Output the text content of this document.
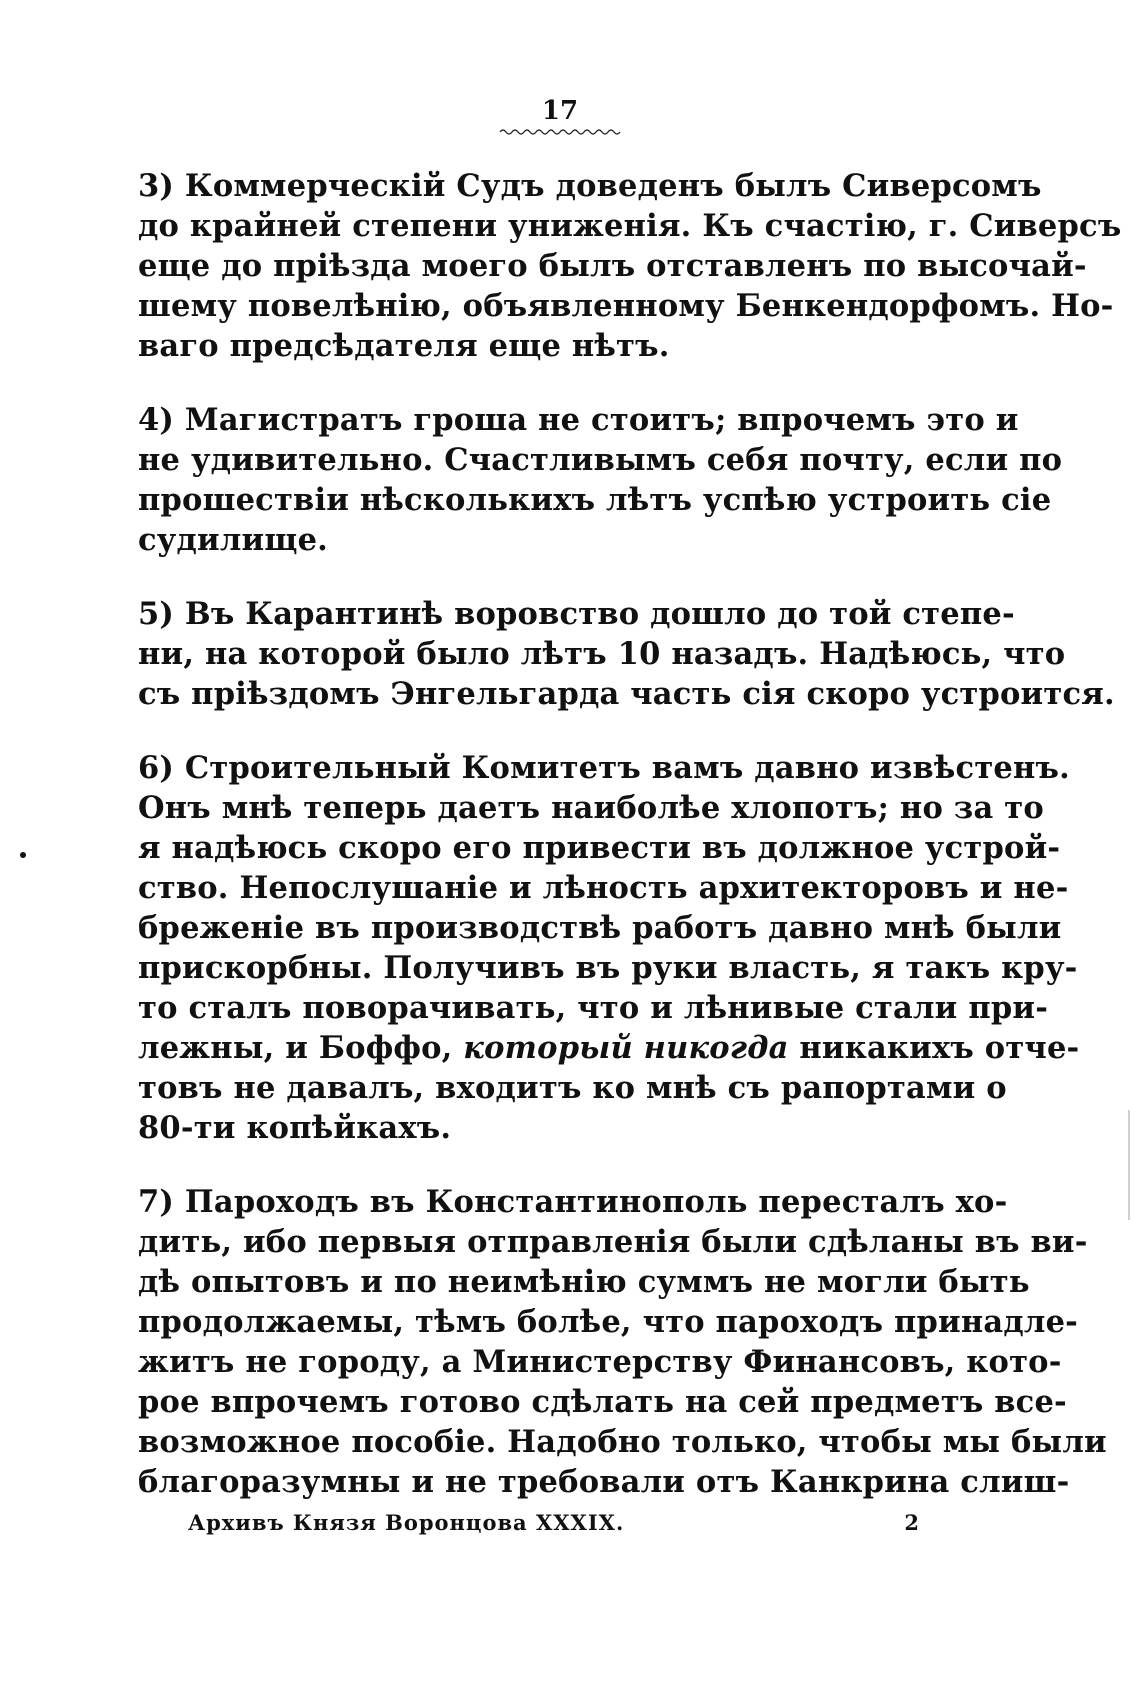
17

3) Коммерческій Судъ доведенъ былъ Сиверсомъ
до крайней степени униженія. Къ счастію, г. Сиверсъ
еще до пріѣзда моего былъ отставленъ по высочай-
шему повелѣнію, объявленному Бенкендорфомъ. Но-
ваго предсѣдателя еще нѣтъ.

4) Магистратъ гроша не стоитъ; впрочемъ это и
не удивительно. Счастливымъ себя почту, если по
прошествіи нѣсколькихъ лѣтъ успѣю устроить сіе
судилище.

5) Въ Карантинѣ воровство дошло до той степе-
ни, на которой было лѣтъ 10 назадъ. Надѣюсь, что
съ пріѣздомъ Энгельгарда часть сія скоро устроится.

6) Строительный Комитетъ вамъ давно извѣстенъ.
Онъ мнѣ теперь даетъ наиболѣе хлопотъ; но за то
я надѣюсь скоро его привести въ должное устрой-
ство. Непослушаніе и лѣность архитекторовъ и не-
бреженіе въ производствѣ работъ давно мнѣ были
прискорбны. Получивъ въ руки власть, я такъ кру-
то сталъ поворачивать, что и лѣнивые стали при-
лежны, и Боффо, который никогда никакихъ отче-
товъ не давалъ, входитъ ко мнѣ съ рапортами о
80-ти копѣйкахъ.

7) Пароходъ въ Константинополь пересталъ хо-
дить, ибо первыя отправленія были сдѣланы въ ви-
дѣ опытовъ и по неимѣнію суммъ не могли быть
продолжаемы, тѣмъ болѣе, что пароходъ принадле-
житъ не городу, а Министерству Финансовъ, кото-
рое впрочемъ готово сдѣлать на сей предметъ все-
возможное пособіе. Надобно только, чтобы мы были
благоразумны и не требовали отъ Канкрина слиш-

Архивъ Князя Воронцова XXXIX.	2
